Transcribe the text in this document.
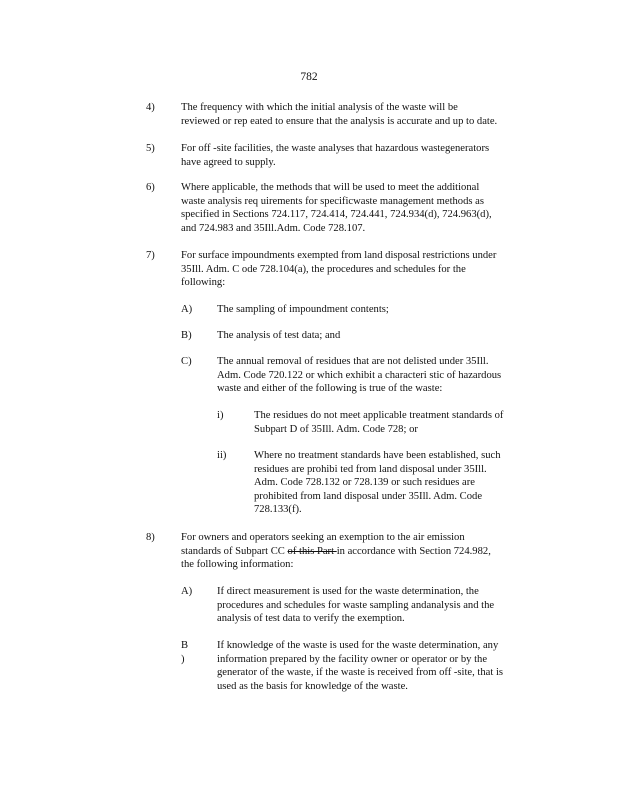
782
4) The frequency with which the initial analysis of the waste will be
reviewed or rep eated to ensure that the analysis is accurate and up to date.
5) For off -site facilities, the waste analyses that hazardous wastegenerators
have agreed to supply.
6) Where applicable, the methods that will be used to meet the additional
waste analysis req uirements for specificwaste management methods as
specified in Sections 724.117, 724.414, 724.441, 724.934(d), 724.963(d),
and 724.983 and 35Ill.Adm. Code 728.107.
7) For surface impoundments exempted from land disposal restrictions under
35Ill. Adm. C ode 728.104(a), the procedures and schedules for the
following:
A) The sampling of impoundment contents;
B) The analysis of test data; and
C) The annual removal of residues that are not delisted under 35Ill.
Adm. Code 720.122 or which exhibit a characteri stic of hazardous
waste and either of the following is true of the waste:
i)	The residues do not meet applicable treatment standards of
Subpart D of 35Ill. Adm. Code 728; or
ii)	Where no treatment standards have been established, such
residues are prohibi ted from land disposal under 35Ill.
Adm. Code 728.132 or 728.139 or such residues are
prohibited from land disposal under 35Ill. Adm. Code
728.133(f).
8) For owners and operators seeking an exemption to the air emission
standards of Subpart CC of this Part in accordance with Section 724.982,
the following information:
A) If direct measurement is used for the waste determination, the
procedures and schedules for waste sampling andanalysis and the
analysis of test data to verify the exemption.
B )
If knowledge of the waste is used for the waste determination, any
information prepared by the facility owner or operator or by the
generator of the waste, if the waste is received from off -site, that is
used as the basis for knowledge of the waste.
